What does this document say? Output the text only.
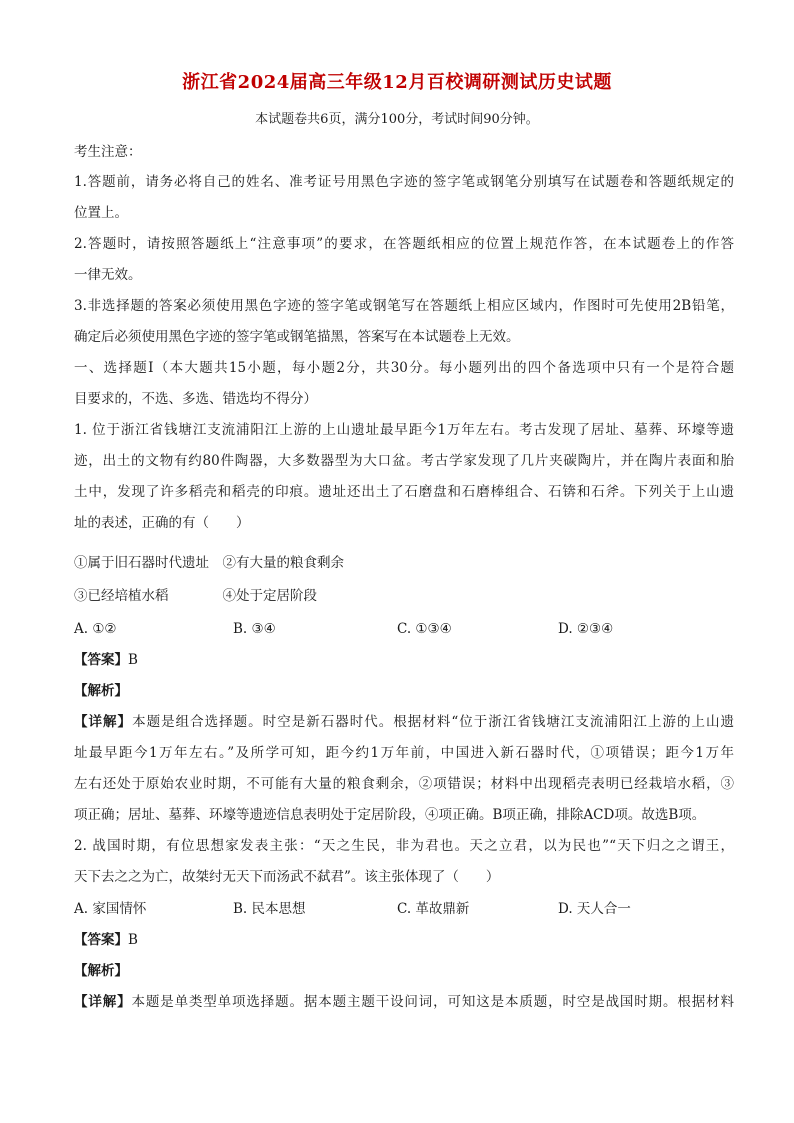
浙江省2024届高三年级12月百校调研测试历史试题
本试题卷共6页，满分100分，考试时间90分钟。
考生注意：
1.答题前，请务必将自己的姓名、准考证号用黑色字迹的签字笔或钢笔分别填写在试题卷和答题纸规定的
位置上。
2.答题时，请按照答题纸上“注意事项”的要求，在答题纸相应的位置上规范作答，在本试题卷上的作答
一律无效。
3.非选择题的答案必须使用黑色字迹的签字笔或钢笔写在答题纸上相应区域内，作图时可先使用2B铅笔，
确定后必须使用黑色字迹的签字笔或钢笔描黑，答案写在本试题卷上无效。
一、选择题Ⅰ（本大题共15小题，每小题2分，共30分。每小题列出的四个备选项中只有一个是符合题
目要求的，不选、多选、错选均不得分）
1. 位于浙江省钱塘江支流浦阳江上游的上山遗址最早距今1万年左右。考古发现了居址、墓葬、环壕等遗
迹，出土的文物有约80件陶器，大多数器型为大口盆。考古学家发现了几片夹碳陶片，并在陶片表面和胎
土中，发现了许多稻壳和稻壳的印痕。遗址还出土了石磨盘和石磨棒组合、石锛和石斧。下列关于上山遗
址的表述，正确的有（　　）
①属于旧石器时代遗址　②有大量的粮食剩余
③已经培植水稻　　　　④处于定居阶段
A. ①②	B. ③④	C. ①③④	D. ②③④
【答案】B
【解析】
【详解】本题是组合选择题。时空是新石器时代。根据材料“位于浙江省钱塘江支流浦阳江上游的上山遗
址最早距今1万年左右。”及所学可知，距今约1万年前，中国进入新石器时代，①项错误；距今1万年
左右还处于原始农业时期，不可能有大量的粮食剩余，②项错误；材料中出现稻壳表明已经栽培水稻，③
项正确；居址、墓葬、环壕等遗迹信息表明处于定居阶段，④项正确。B项正确，排除ACD项。故选B项。
2. 战国时期，有位思想家发表主张：“天之生民，非为君也。天之立君，以为民也”“天下归之之谓王，
天下去之之为亡，故桀纣无天下而汤武不弑君”。该主张体现了（　　）
A. 家国情怀	B. 民本思想	C. 革故鼎新	D. 天人合一
【答案】B
【解析】
【详解】本题是单类型单项选择题。据本题主题干设问词，可知这是本质题，时空是战国时期。根据材料
